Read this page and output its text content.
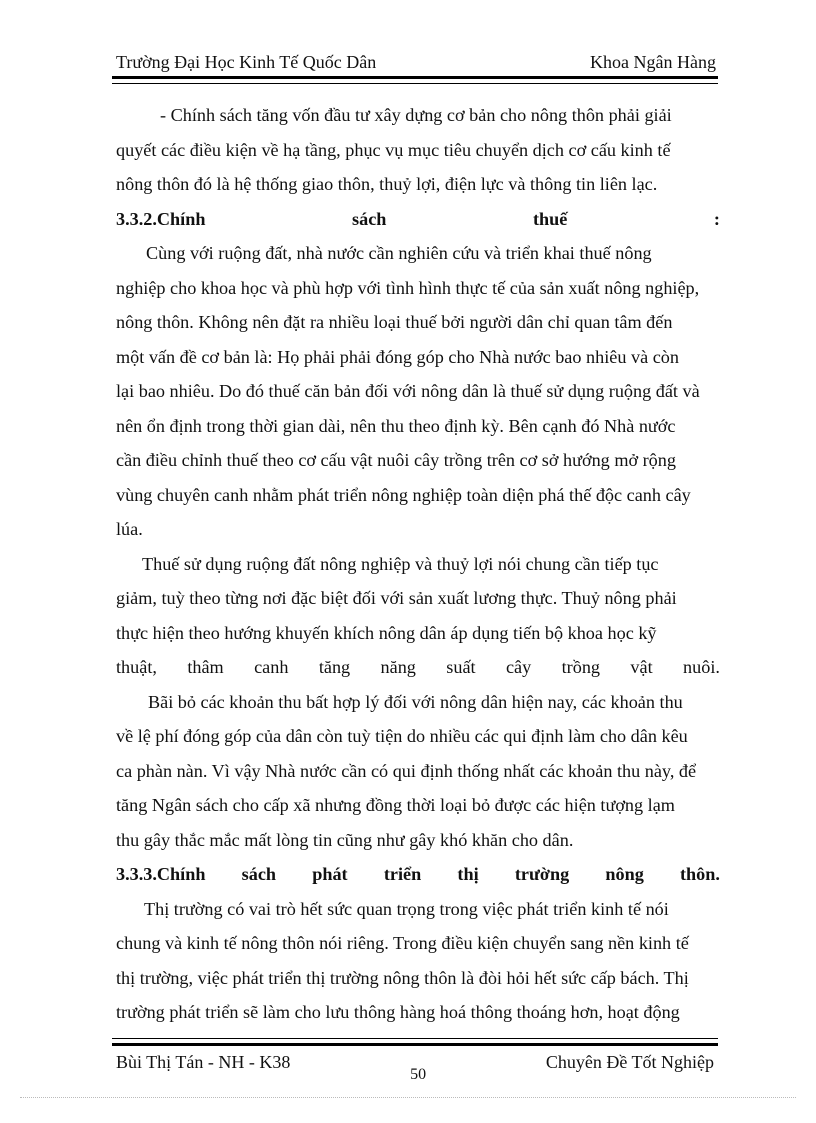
Trường Đại Học Kinh Tế Quốc Dân	Khoa Ngân Hàng
- Chính sách tăng vốn đầu tư xây dựng cơ bản cho nông thôn phải giải
quyết các điều kiện về hạ tầng, phục vụ mục tiêu chuyển dịch cơ cấu kinh tế
nông thôn đó là hệ thống giao thôn, thuỷ lợi, điện lực và thông tin liên lạc.
3.3.2.Chính	sách	thuế	:
Cùng với ruộng đất, nhà nước cần nghiên cứu và triển khai thuế nông
nghiệp cho khoa học và phù hợp với tình hình thực tế của sản xuất nông nghiệp,
nông thôn. Không nên đặt ra nhiều loại thuế bởi người dân chỉ quan tâm đến
một vấn đề cơ bản là: Họ phải phải đóng góp cho Nhà nước bao nhiêu và còn
lại bao nhiêu. Do đó thuế căn bản đối với nông dân là thuế sử dụng ruộng đất và
nên ổn định trong thời gian dài, nên thu theo định kỳ. Bên cạnh đó Nhà nước
cần điều chỉnh thuế theo cơ cấu vật nuôi cây trồng trên cơ sở hướng mở rộng
vùng chuyên canh nhằm phát triển nông nghiệp toàn diện phá thế độc canh cây
lúa.
Thuế sử dụng ruộng đất nông nghiệp và thuỷ lợi nói chung cần tiếp tục
giảm, tuỳ theo từng nơi đặc biệt đối với sản xuất lương thực. Thuỷ nông phải
thực hiện theo hướng khuyến khích nông dân áp dụng tiến bộ khoa học kỹ
thuật, thâm canh tăng năng suất cây trồng vật nuôi.
Bãi bỏ các khoản thu bất hợp lý đối với nông dân hiện nay, các khoản thu
về lệ phí đóng góp của dân còn tuỳ tiện do nhiều các qui định làm cho dân kêu
ca phàn nàn. Vì vậy Nhà nước cần có qui định thống nhất các khoản thu này, để
tăng Ngân sách cho cấp xã nhưng đồng thời loại bỏ được các hiện tượng lạm
thu gây thắc mắc mất lòng tin cũng như gây khó khăn cho dân.
3.3.3.Chính sách phát triển thị trường nông thôn.
Thị trường có vai trò hết sức quan trọng trong việc phát triển kinh tế nói
chung và kinh tế nông thôn nói riêng. Trong điều kiện chuyển sang nền kinh tế
thị trường, việc phát triển thị trường nông thôn là đòi hỏi hết sức cấp bách. Thị
trường phát triển sẽ làm cho lưu thông hàng hoá thông thoáng hơn, hoạt động
Bùi Thị Tán - NH - K38
50
Chuyên Đề Tốt Nghiệp
